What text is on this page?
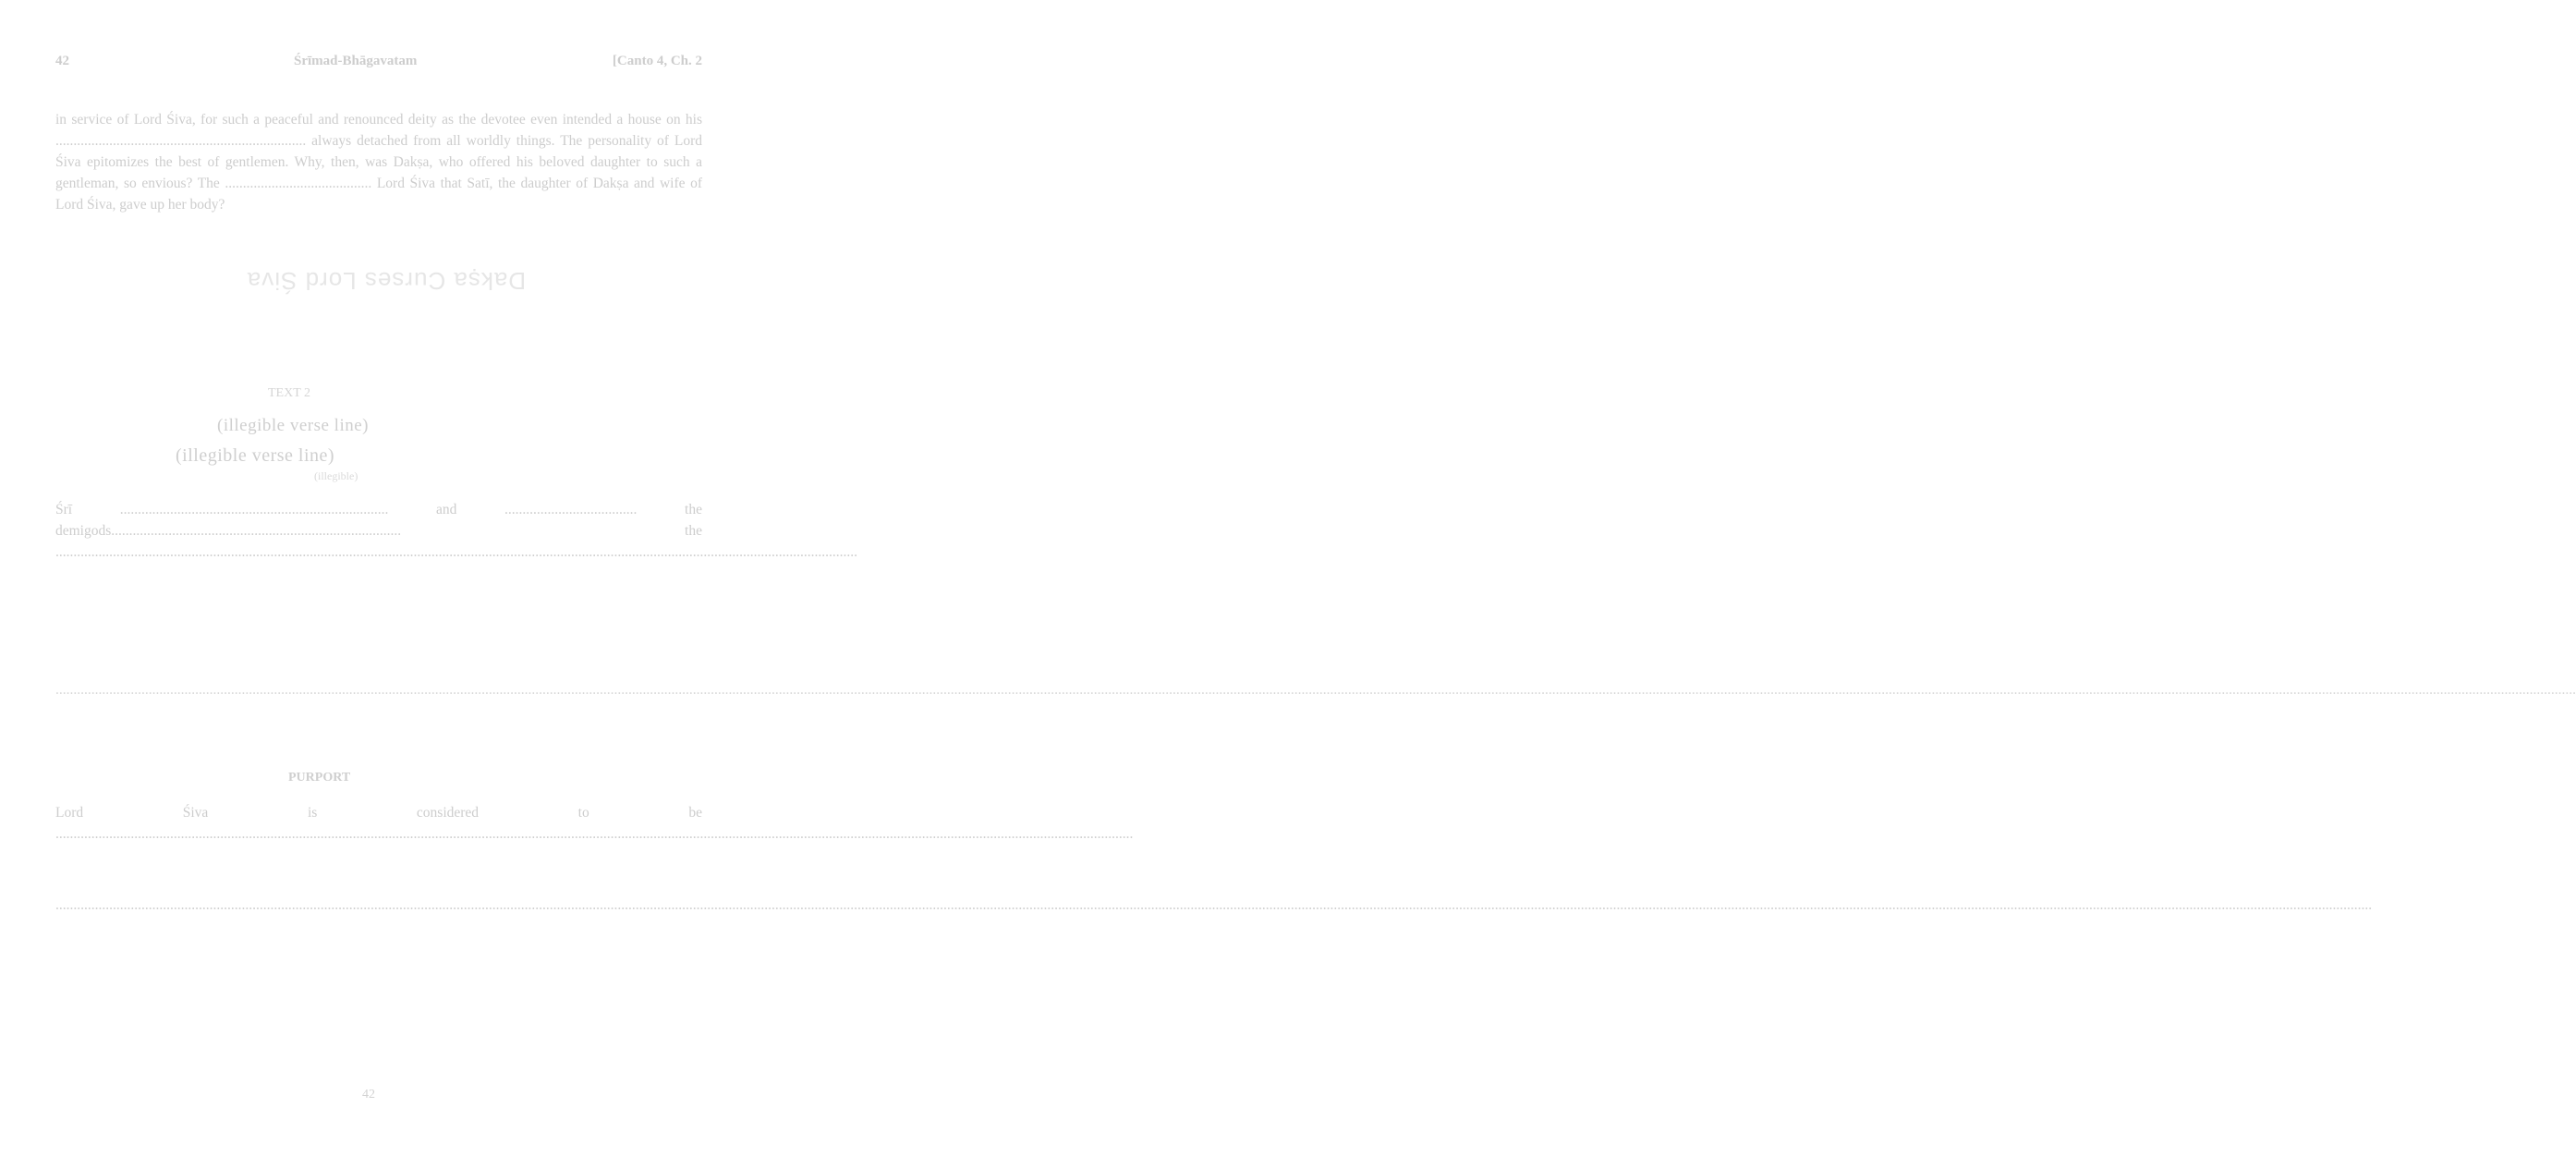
42	Śrīmad-Bhāgavatam	[Canto 4, Ch. 2
in service of Lord Śiva, for such a peaceful and renounced deity as the devotee even intended a house on his ...................................................................... always detached from all worldly things. The personality of Lord Śiva epitomizes the best of gentlemen. Why, then, was Dakṣa, who offered his beloved daughter to such a gentleman, so envious? The ......................................... Lord Śiva that Satī, the daughter of Dakṣa and wife of Lord Śiva, gave up her body?
Dakṣa Curses Lord Śiva
TEXT 2
(illegible verse line)
(illegible verse line)
(illegible)
Śrī ........................................................................... and ..................................... the demigods................................................................................. the ................................................................................................................................................................................................................................
................................................................................................................................................................................................................................................................................................................................................................................................................................................................................................................................................................................................................................................................................................................................
PURPORT
Lord Śiva is considered to be .............................................................................................................................................................................................................................................................................................................
.......................................................................................................................................................................................................................................................................................................................................................................................................................................................................................................................................................................................................................................................................
42
